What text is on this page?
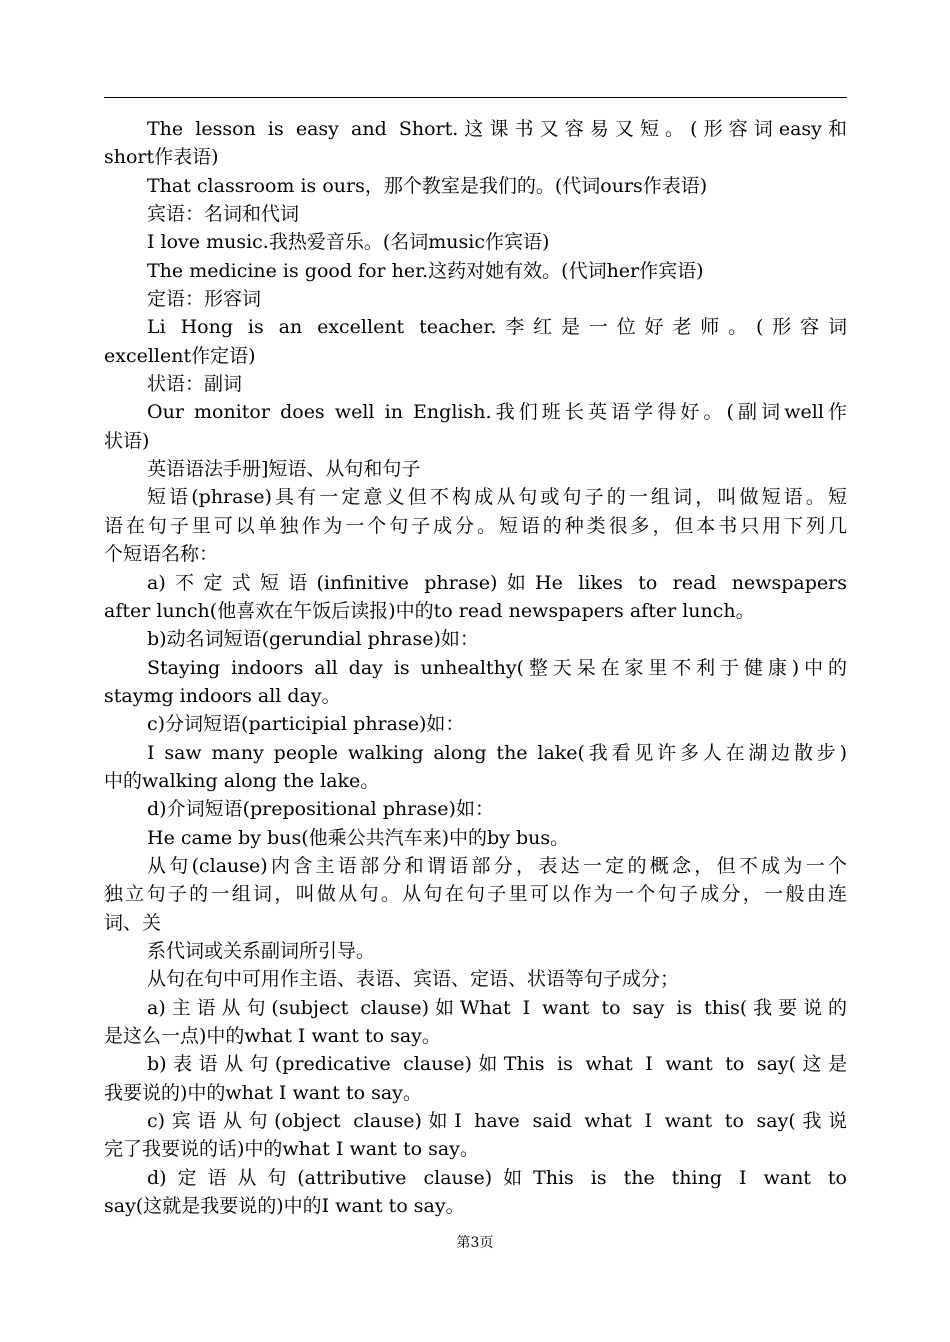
The lesson is easy and Short.这课书又容易又短。(形容词easy和
short作表语)
That classroom is ours，那个教室是我们的。(代词ours作表语)
宾语：名词和代词
I love music.我热爱音乐。(名词music作宾语)
The medicine is good for her.这药对她有效。(代词her作宾语)
定语：形容词
Li Hong is an excellent teacher.李红是一位好老师。(形容词
excellent作定语)
状语：副词
Our monitor does well in English.我们班长英语学得好。(副词well作
状语)
英语语法手册]短语、从句和句子
短语(phrase)具有一定意义但不构成从句或句子的一组词，叫做短语。短
语在句子里可以单独作为一个句子成分。短语的种类很多，但本书只用下列几
个短语名称：
a)不定式短语(infinitive phrase)如He likes to read newspapers
after lunch(他喜欢在午饭后读报)中的to read newspapers after lunch。
b)动名词短语(gerundial phrase)如：
Staying indoors all day is unhealthy(整天呆在家里不利于健康)中的
staymg indoors all day。
c)分词短语(participial phrase)如：
I saw many people walking along the lake(我看见许多人在湖边散步)
中的walking along the lake。
d)介词短语(prepositional phrase)如：
He came by bus(他乘公共汽车来)中的by bus。
从句(clause)内含主语部分和谓语部分，表达一定的概念，但不成为一个
独立句子的一组词，叫做从句。从句在句子里可以作为一个句子成分，一般由连
词、关
系代词或关系副词所引导。
从句在句中可用作主语、表语、宾语、定语、状语等句子成分；
a)主语从句(subject clause)如What I want to say is this(我要说的
是这么一点)中的what I want to say。
b)表语从句(predicative clause)如This is what I want to say(这是
我要说的)中的what I want to say。
c)宾语从句(object clause)如I have said what I want to say(我说
完了我要说的话)中的what I want to say。
d)定语从句(attributive clause)如This is the thing I want to
say(这就是我要说的)中的I want to say。
第3页
